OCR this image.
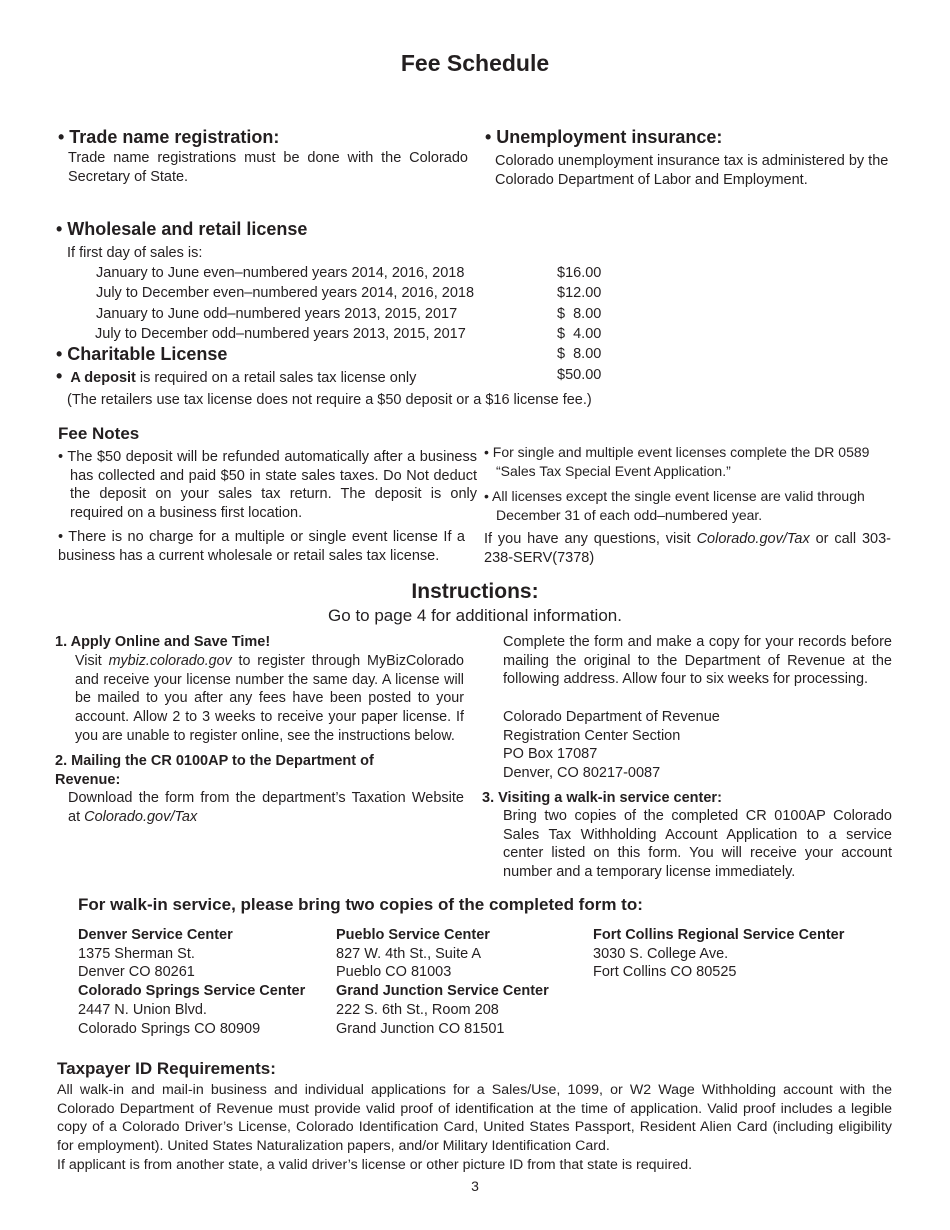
Fee Schedule
• Trade name registration:
Trade name registrations must be done with the Colorado Secretary of State.
• Unemployment insurance:
Colorado unemployment insurance tax is administered by the Colorado Department of Labor and Employment.
• Wholesale and retail license
If first day of sales is:
January to June even–numbered years 2014, 2016, 2018	$16.00
July to December even–numbered years 2014, 2016, 2018	$12.00
January to June odd–numbered years 2013, 2015, 2017	$  8.00
July to December odd–numbered years 2013, 2015, 2017	$  4.00
• Charitable License	$  8.00
• A deposit is required on a retail sales tax license only	$50.00
(The retailers use tax license does not require a $50 deposit or a $16 license fee.)
Fee Notes
• The $50 deposit will be refunded automatically after a business has collected and paid $50 in state sales taxes. Do Not deduct the deposit on your sales tax return. The deposit is only required on a business first location.
• There is no charge for a multiple or single event license If a business has a current wholesale or retail sales tax license.
• For single and multiple event licenses complete the DR 0589 “Sales Tax Special Event Application.”
• All licenses except the single event license are valid through December 31 of each odd–numbered year.
If you have any questions, visit Colorado.gov/Tax or call 303-238-SERV(7378)
Instructions:
Go to page 4 for additional information.
1. Apply Online and Save Time!
Visit mybiz.colorado.gov to register through MyBizColorado and receive your license number the same day. A license will be mailed to you after any fees have been posted to your account. Allow 2 to 3 weeks to receive your paper license. If you are unable to register online, see the instructions below.
2. Mailing the CR 0100AP to the Department of Revenue:
Download the form from the department’s Taxation Website at Colorado.gov/Tax
Complete the form and make a copy for your records before mailing the original to the Department of Revenue at the following address. Allow four to six weeks for processing.
Colorado Department of Revenue
Registration Center Section
PO Box 17087
Denver, CO 80217-0087
3. Visiting a walk-in service center:
Bring two copies of the completed CR 0100AP Colorado Sales Tax Withholding Account Application to a service center listed on this form. You will receive your account number and a temporary license immediately.
For walk-in service, please bring two copies of the completed form to:
Denver Service Center
1375 Sherman St.
Denver CO 80261
Colorado Springs Service Center
2447 N. Union Blvd.
Colorado Springs CO 80909
Pueblo Service Center
827 W. 4th St., Suite A
Pueblo CO 81003
Grand Junction Service Center
222 S. 6th St., Room 208
Grand Junction CO 81501
Fort Collins Regional Service Center
3030 S. College Ave.
Fort Collins CO 80525
Taxpayer ID Requirements:
All walk-in and mail-in business and individual applications for a Sales/Use, 1099, or W2 Wage Withholding account with the Colorado Department of Revenue must provide valid proof of identification at the time of application. Valid proof includes a legible copy of a Colorado Driver’s License, Colorado Identification Card, United States Passport, Resident Alien Card (including eligibility for employment). United States Naturalization papers, and/or Military Identification Card.
If applicant is from another state, a valid driver’s license or other picture ID from that state is required.
3
